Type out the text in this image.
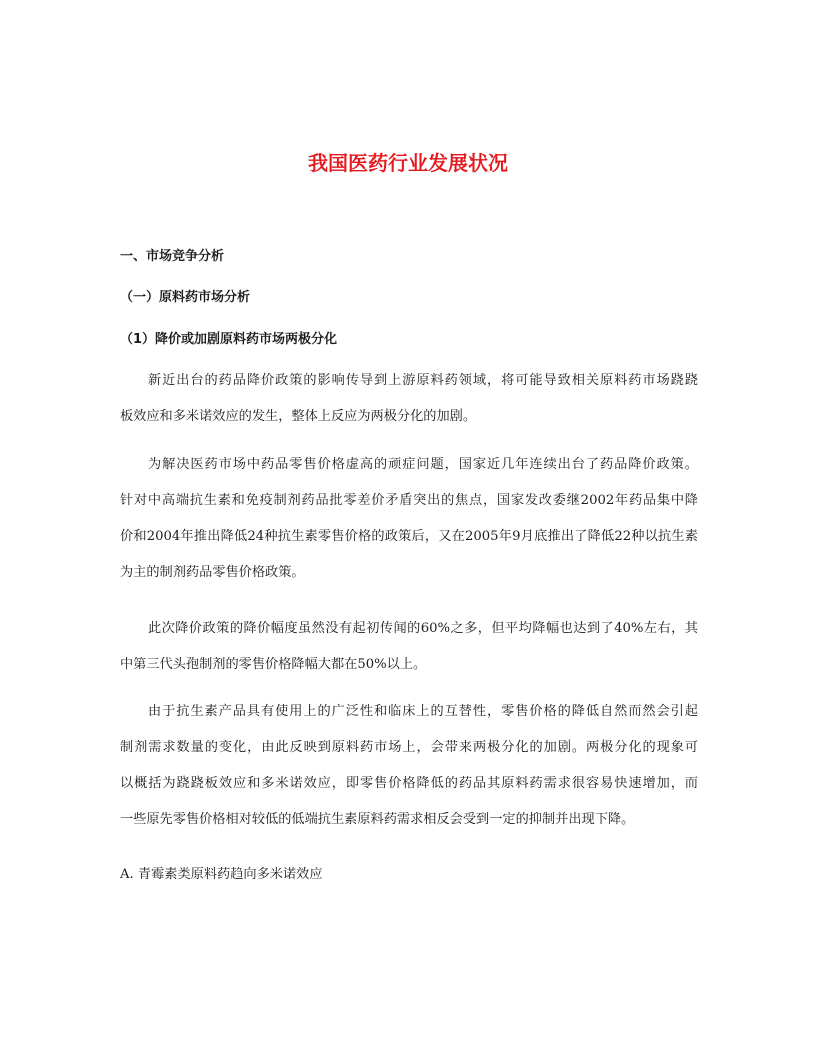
我国医药行业发展状况
一、市场竞争分析
（一）原料药市场分析
（1）降价或加剧原料药市场两极分化
新近出台的药品降价政策的影响传导到上游原料药领域，将可能导致相关原料药市场跷跷
板效应和多米诺效应的发生，整体上反应为两极分化的加剧。
为解决医药市场中药品零售价格虚高的顽症问题，国家近几年连续出台了药品降价政策。
针对中高端抗生素和免疫制剂药品批零差价矛盾突出的焦点，国家发改委继2002年药品集中降
价和2004年推出降低24种抗生素零售价格的政策后，又在2005年9月底推出了降低22种以抗生素
为主的制剂药品零售价格政策。
此次降价政策的降价幅度虽然没有起初传闻的60%之多，但平均降幅也达到了40%左右，其
中第三代头孢制剂的零售价格降幅大都在50%以上。
由于抗生素产品具有使用上的广泛性和临床上的互替性，零售价格的降低自然而然会引起
制剂需求数量的变化，由此反映到原料药市场上，会带来两极分化的加剧。两极分化的现象可
以概括为跷跷板效应和多米诺效应，即零售价格降低的药品其原料药需求很容易快速增加，而
一些原先零售价格相对较低的低端抗生素原料药需求相反会受到一定的抑制并出现下降。
A. 青霉素类原料药趋向多米诺效应
